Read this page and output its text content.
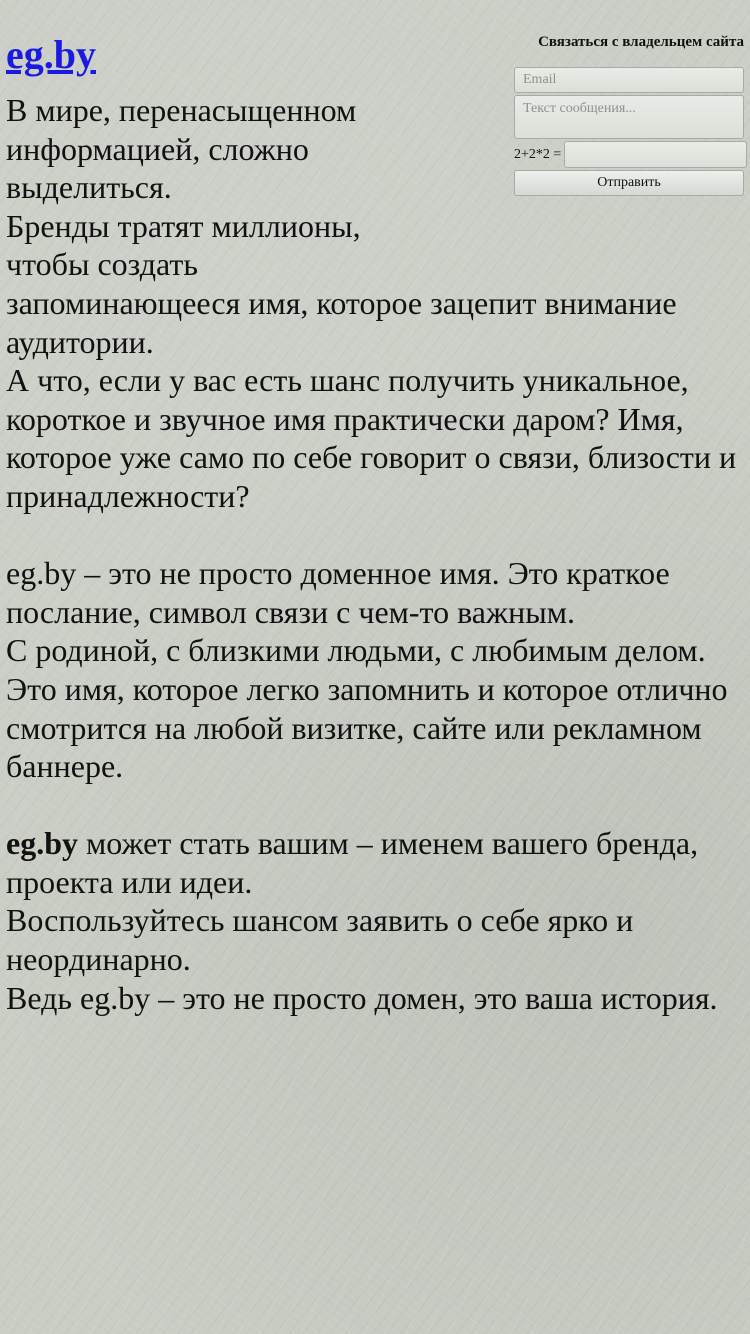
Связаться с владельцем сайта
Email
Текст сообщения...
2+2*2 =
Отправить
eg.by

В мире, перенасыщенном информацией, сложно выделиться.

Бренды тратят миллионы, чтобы создать

запоминающееся имя, которое зацепит внимание аудитории.

А что, если у вас есть шанс получить уникальное, короткое и звучное имя практически даром? Имя, которое уже само по себе говорит о связи, близости и принадлежности?

eg.by – это не просто доменное имя. Это краткое послание, символ связи с чем-то важным.

С родиной, с близкими людьми, с любимым делом.

Это имя, которое легко запомнить и которое отлично смотрится на любой визитке, сайте или рекламном баннере.

eg.by может стать вашим – именем вашего бренда, проекта или идеи.

Воспользуйтесь шансом заявить о себе ярко и неординарно.

Ведь eg.by – это не просто домен, это ваша история.
